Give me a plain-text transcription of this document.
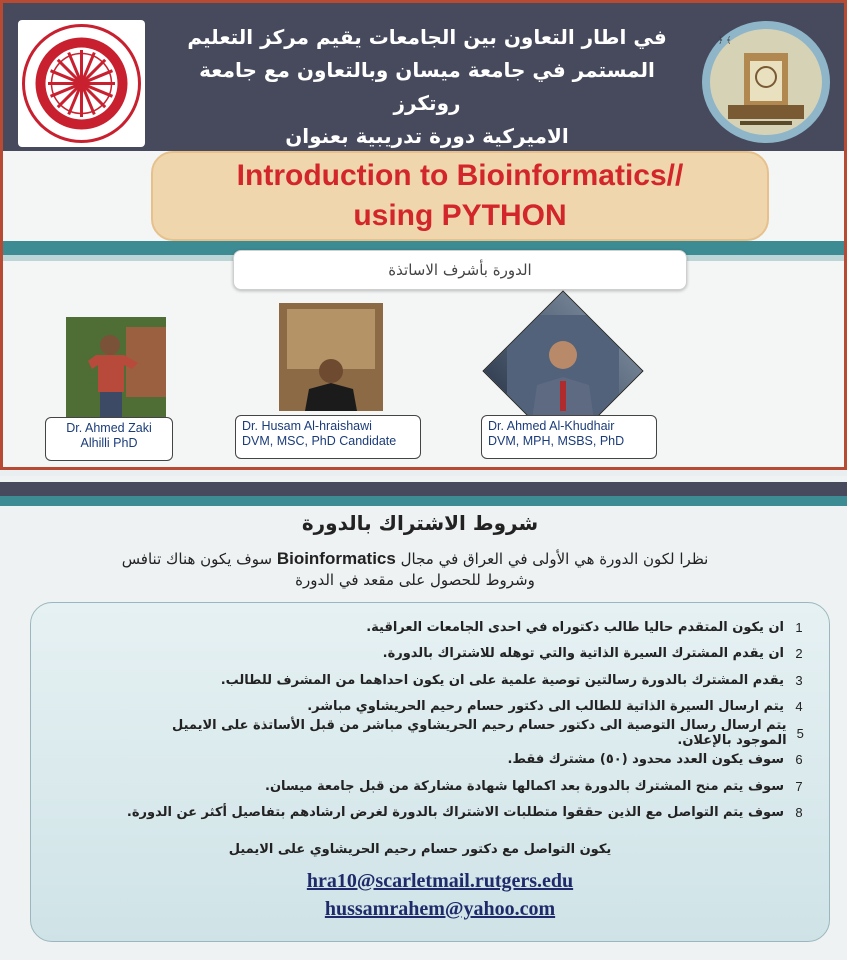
في اطار التعاون بين الجامعات يقيم مركز التعليم
المستمر في جامعة ميسان وبالتعاون مع جامعة روتكرز
الاميركية دورة تدريبية بعنوان
﴿ ﴾
Introduction to Bioinformatics//
using PYTHON
الدورة بأشرف الاساتذة
Dr. Ahmed Zaki
Alhilli PhD
Dr. Husam Al-hraishawi
DVM, MSC, PhD Candidate
Dr. Ahmed Al-Khudhair
DVM, MPH, MSBS, PhD
شروط الاشتراك بالدورة
نظرا لكون الدورة هي الأولى في العراق في مجال Bioinformatics سوف يكون هناك تنافس
وشروط للحصول على مقعد في الدورة
1
ان يكون المتقدم حاليا طالب دكتوراه في احدى الجامعات العراقية.
2
ان يقدم المشترك السيرة الذاتية والتي توهله للاشتراك بالدورة.
3
يقدم المشترك بالدورة رسالتين توصية علمية على ان يكون احداهما من المشرف للطالب.
4
يتم ارسال السيرة الذاتية للطالب الى دكتور حسام رحيم الحريشاوي مباشر.
5
يتم ارسال رسال التوصية الى دكتور حسام رحيم الحريشاوي مباشر من قبل الأساتذة على الايميل الموجود بالإعلان.
6
سوف يكون العدد محدود (٥٠) مشترك فقط.
7
سوف يتم منح المشترك بالدورة بعد اكمالها شهادة مشاركة من قبل جامعة ميسان.
8
سوف يتم التواصل مع الذين حققوا متطلبات الاشتراك بالدورة لغرض ارشادهم بتفاصيل أكثر عن الدورة.
يكون التواصل مع دكتور حسام رحيم الحريشاوي على الايميل
hra10@scarletmail.rutgers.edu
hussamrahem@yahoo.com
